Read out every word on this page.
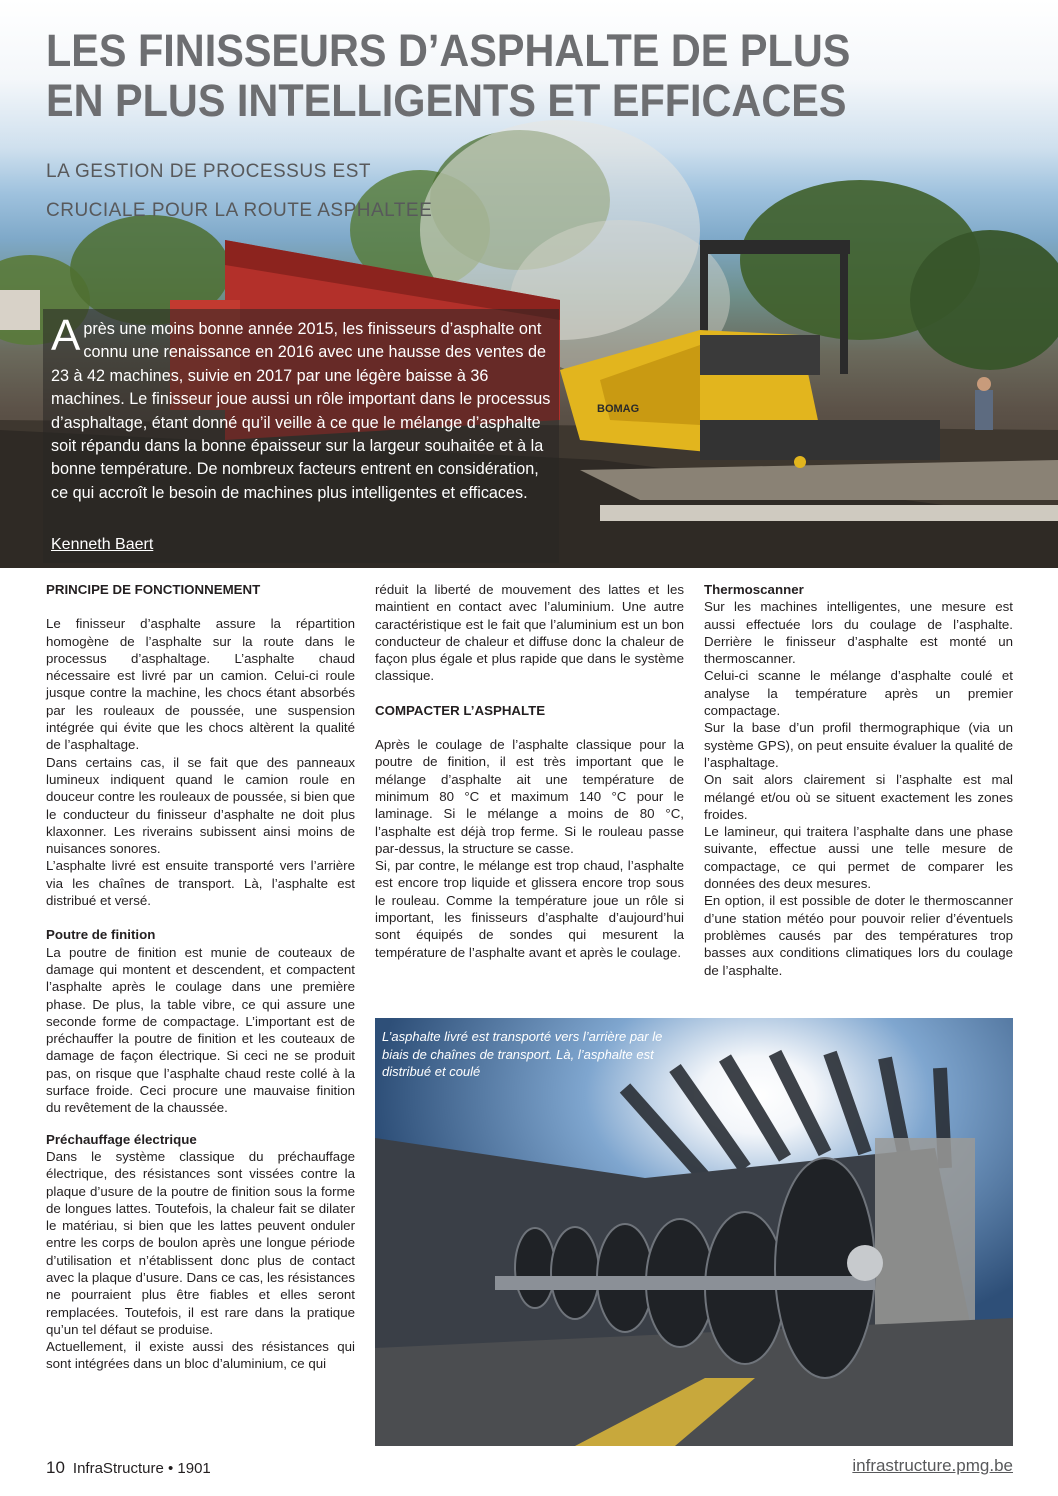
BOMAG
LES FINISSEURS D’ASPHALTE DE PLUS
EN PLUS INTELLIGENTS ET EFFICACES
LA GESTION DE PROCESSUS EST
CRUCIALE POUR LA ROUTE ASPHALTEE
Après une moins bonne année 2015, les finisseurs d’asphalte ont connu une renaissance en 2016 avec une hausse des ventes de 23 à 42 machines, suivie en 2017 par une légère baisse à 36 machines. Le finisseur joue aussi un rôle important dans le processus d’asphaltage, étant donné qu’il veille à ce que le mélange d’asphalte soit répandu dans la bonne épaisseur sur la largeur souhaitée et à la bonne température. De nombreux facteurs entrent en considération, ce qui accroît le besoin de machines plus intelligentes et efficaces.
Kenneth Baert
PRINCIPE DE FONCTIONNEMENT

Le finisseur d’asphalte assure la répartition homogène de l’asphalte sur la route dans le processus d’asphaltage. L’asphalte chaud nécessaire est livré par un camion. Celui-ci roule jusque contre la machine, les chocs étant absorbés par les rouleaux de poussée, une suspension intégrée qui évite que les chocs altèrent la qualité de l’asphaltage.

Dans certains cas, il se fait que des panneaux lumineux indiquent quand le camion roule en douceur contre les rouleaux de poussée, si bien que le conducteur du finisseur d’asphalte ne doit plus klaxonner. Les riverains subissent ainsi moins de nuisances sonores.

L’asphalte livré est ensuite transporté vers l’arrière via les chaînes de transport. Là, l’asphalte est distribué et versé.

Poutre de finition

La poutre de finition est munie de couteaux de damage qui montent et descendent, et compactent l’asphalte après le coulage dans une première phase. De plus, la table vibre, ce qui assure une seconde forme de compactage. L’important est de préchauffer la poutre de finition et les couteaux de damage de façon électrique. Si ceci ne se produit pas, on risque que l’asphalte chaud reste collé à la surface froide. Ceci procure une mauvaise finition du revêtement de la chaussée.

Préchauffage électrique

Dans le système classique du préchauffage électrique, des résistances sont vissées contre la plaque d’usure de la poutre de finition sous la forme de longues lattes. Toutefois, la chaleur fait se dilater le matériau, si bien que les lattes peuvent onduler entre les corps de boulon après une longue période d’utilisation et n’établissent donc plus de contact avec la plaque d’usure. Dans ce cas, les résistances ne pourraient plus être fiables et elles seront remplacées. Toutefois, il est rare dans la pratique qu’un tel défaut se produise.

Actuellement, il existe aussi des résistances qui sont intégrées dans un bloc d’aluminium, ce qui

réduit la liberté de mouvement des lattes et les maintient en contact avec l’aluminium. Une autre caractéristique est le fait que l’aluminium est un bon conducteur de chaleur et diffuse donc la chaleur de façon plus égale et plus rapide que dans le système classique.

COMPACTER L’ASPHALTE

Après le coulage de l’asphalte classique pour la poutre de finition, il est très important que le mélange d’asphalte ait une température de minimum 80 °C et maximum 140 °C pour le laminage. Si le mélange a moins de 80 °C, l’asphalte est déjà trop ferme. Si le rouleau passe par-dessus, la structure se casse.

Si, par contre, le mélange est trop chaud, l’asphalte est encore trop liquide et glissera encore trop sous le rouleau. Comme la température joue un rôle si important, les finisseurs d’asphalte d’aujourd’hui sont équipés de sondes qui mesurent la température de l’asphalte avant et après le coulage.

Thermoscanner

Sur les machines intelligentes, une mesure est aussi effectuée lors du coulage de l’asphalte. Derrière le finisseur d’asphalte est monté un thermoscanner.

Celui-ci scanne le mélange d’asphalte coulé et analyse la température après un premier compactage.

Sur la base d’un profil thermographique (via un système GPS), on peut ensuite évaluer la qualité de l’asphaltage.

On sait alors clairement si l’asphalte est mal mélangé et/ou où se situent exactement les zones froides.

Le lamineur, qui traitera l’asphalte dans une phase suivante, effectue aussi une telle mesure de compactage, ce qui permet de comparer les données des deux mesures.

En option, il est possible de doter le thermoscanner d’une station météo pour pouvoir relier d’éventuels problèmes causés par des températures trop basses aux conditions climatiques lors du coulage de l’asphalte.

L’asphalte livré est transporté vers l’arrière par le biais de chaînes de transport. Là, l’asphalte est distribué et coulé
10 InfraStructure • 1901	infrastructure.pmg.be
